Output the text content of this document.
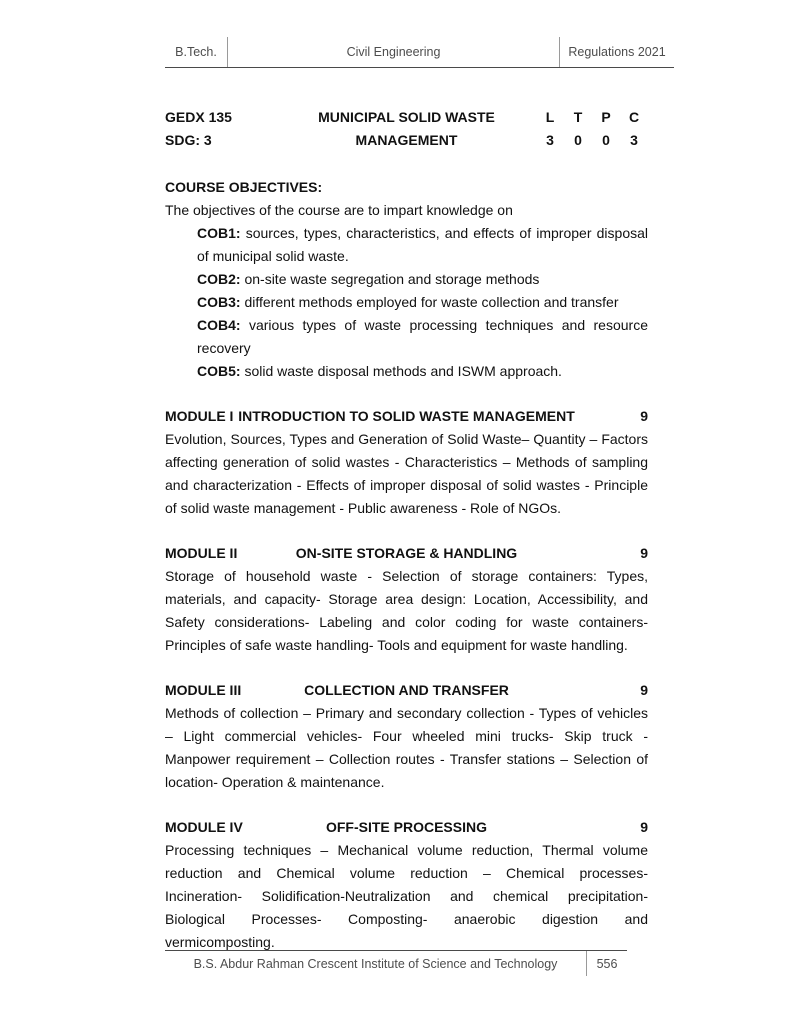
B.Tech.	Civil Engineering	Regulations 2021
GEDX 135
SDG: 3
MUNICIPAL SOLID WASTE
MANAGEMENT
L	T	P	C
3	0	0	3
COURSE OBJECTIVES:

The objectives of the course are to impart knowledge on

COB1: sources, types, characteristics, and effects of improper disposal of municipal solid waste.

COB2: on-site waste segregation and storage methods

COB3: different methods employed for waste collection and transfer

COB4: various types of waste processing techniques and resource recovery

COB5: solid waste disposal methods and ISWM approach.

MODULE I INTRODUCTION TO SOLID WASTE MANAGEMENT	9

Evolution, Sources, Types and Generation of Solid Waste– Quantity – Factors affecting generation of solid wastes - Characteristics – Methods of sampling and characterization - Effects of improper disposal of solid wastes - Principle of solid waste management - Public awareness - Role of NGOs.

MODULE II	ON-SITE STORAGE & HANDLING	9

Storage of household waste - Selection of storage containers: Types, materials, and capacity- Storage area design: Location, Accessibility, and Safety considerations- Labeling and color coding for waste containers- Principles of safe waste handling- Tools and equipment for waste handling.

MODULE III	COLLECTION AND TRANSFER	9

Methods of collection – Primary and secondary collection - Types of vehicles – Light commercial vehicles- Four wheeled mini trucks- Skip truck - Manpower requirement – Collection routes - Transfer stations – Selection of location- Operation & maintenance.

MODULE IV	OFF-SITE PROCESSING	9

Processing techniques – Mechanical volume reduction, Thermal volume reduction and Chemical volume reduction – Chemical processes- Incineration- Solidification-Neutralization and chemical precipitation- Biological Processes- Composting- anaerobic digestion and vermicomposting.

B.S. Abdur Rahman Crescent Institute of Science and Technology	556
